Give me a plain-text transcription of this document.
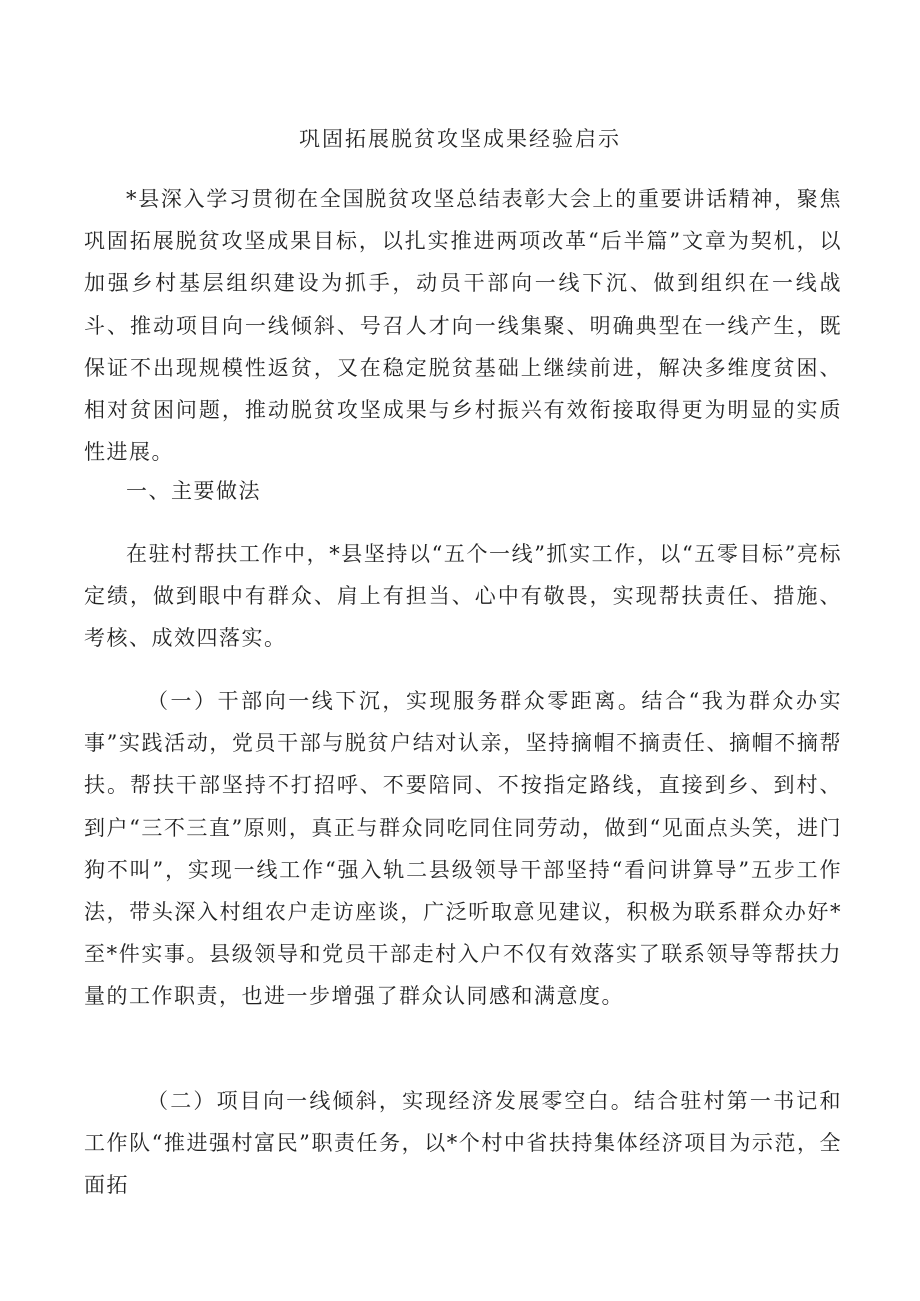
巩固拓展脱贫攻坚成果经验启示

*县深入学习贯彻在全国脱贫攻坚总结表彰大会上的重要讲话精神，聚焦巩固拓展脱贫攻坚成果目标，以扎实推进两项改革“后半篇”文章为契机，以加强乡村基层组织建设为抓手，动员干部向一线下沉、做到组织在一线战斗、推动项目向一线倾斜、号召人才向一线集聚、明确典型在一线产生，既保证不出现规模性返贫，又在稳定脱贫基础上继续前进，解决多维度贫困、相对贫困问题，推动脱贫攻坚成果与乡村振兴有效衔接取得更为明显的实质性进展。

一、主要做法

在驻村帮扶工作中，*县坚持以“五个一线”抓实工作，以“五零目标”亮标定绩，做到眼中有群众、肩上有担当、心中有敬畏，实现帮扶责任、措施、考核、成效四落实。

（一）干部向一线下沉，实现服务群众零距离。结合“我为群众办实事”实践活动，党员干部与脱贫户结对认亲，坚持摘帽不摘责任、摘帽不摘帮扶。帮扶干部坚持不打招呼、不要陪同、不按指定路线，直接到乡、到村、到户“三不三直”原则，真正与群众同吃同住同劳动，做到“见面点头笑，进门狗不叫”，实现一线工作“强入轨二县级领导干部坚持“看问讲算导”五步工作法，带头深入村组农户走访座谈，广泛听取意见建议，积极为联系群众办好*至*件实事。县级领导和党员干部走村入户不仅有效落实了联系领导等帮扶力量的工作职责，也进一步增强了群众认同感和满意度。

（二）项目向一线倾斜，实现经济发展零空白。结合驻村第一书记和工作队“推进强村富民”职责任务，以*个村中省扶持集体经济项目为示范，全面拓
